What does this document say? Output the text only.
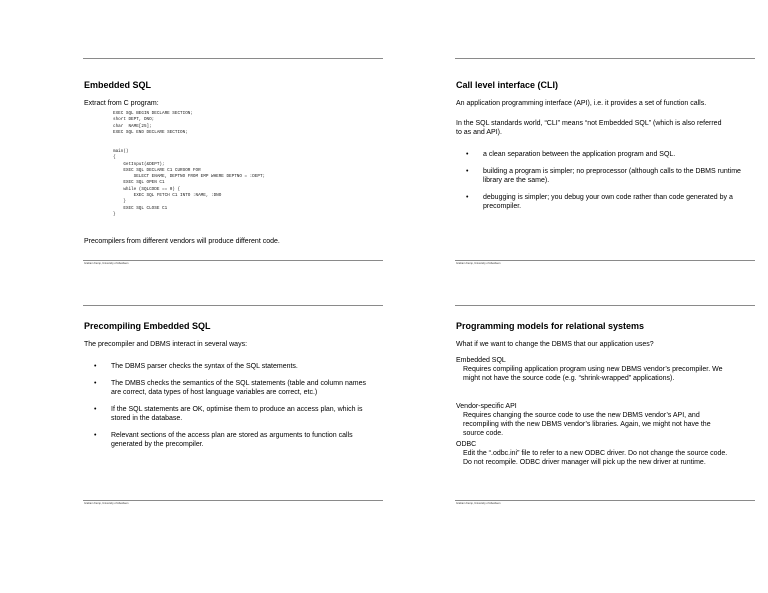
Embedded SQL

Extract from C program:

EXEC SQL BEGIN DECLARE SECTION;
short DEPT, DNO;
char  NAME[25];
EXEC SQL END DECLARE SECTION;
main()
{
GetInput(&DEPT);
EXEC SQL DECLARE C1 CURSOR FOR
SELECT ENAME, DEPTNO FROM EMP WHERE DEPTNO = :DEPT;
EXEC SQL OPEN C1
while (SQLCODE == 0) {
EXEC SQL FETCH C1 INTO :NAME, :DNO
}
EXEC SQL CLOSE C1
}

Precompilers from different vendors will produce different code.

Graham Kemp, University of Aberdeen
Call level interface (CLI)

An application programming interface (API), i.e. it provides a set of function calls.

In the SQL standards world, “CLI” means “not Embedded SQL” (which is also referred to as and API).

• a clean separation between the application program and SQL.
• building a program is simpler; no preprocessor (although calls to the DBMS runtime library are the same).
• debugging is simpler; you debug your own code rather than code generated by a precompiler.
Graham Kemp, University of Aberdeen
Precompiling Embedded SQL

The precompiler and DBMS interact in several ways:

• The DBMS parser checks the syntax of the SQL statements.
• The DMBS checks the semantics of the SQL statements (table and column names are correct, data types of host language variables are correct, etc.)
• If the SQL statements are OK, optimise them to produce an access plan, which is stored in the database.
• Relevant sections of the access plan are stored as arguments to function calls generated by the precompiler.
Graham Kemp, University of Aberdeen
Programming models for relational systems

What if we want to change the DBMS that our application uses?

Embedded SQL
Requires compiling application program using new DBMS vendor’s precompiler. We might not have the source code (e.g. “shrink-wrapped” applications).
Vendor-specific API
Requires changing the source code to use the new DBMS vendor’s API, and recompiling with the new DBMS vendor’s libraries. Again, we might not have the source code.
ODBC
Edit the “.odbc.ini” file to refer to a new ODBC driver. Do not change the source code. Do not recompile. ODBC driver manager will pick up the new driver at runtime.
Graham Kemp, University of Aberdeen
